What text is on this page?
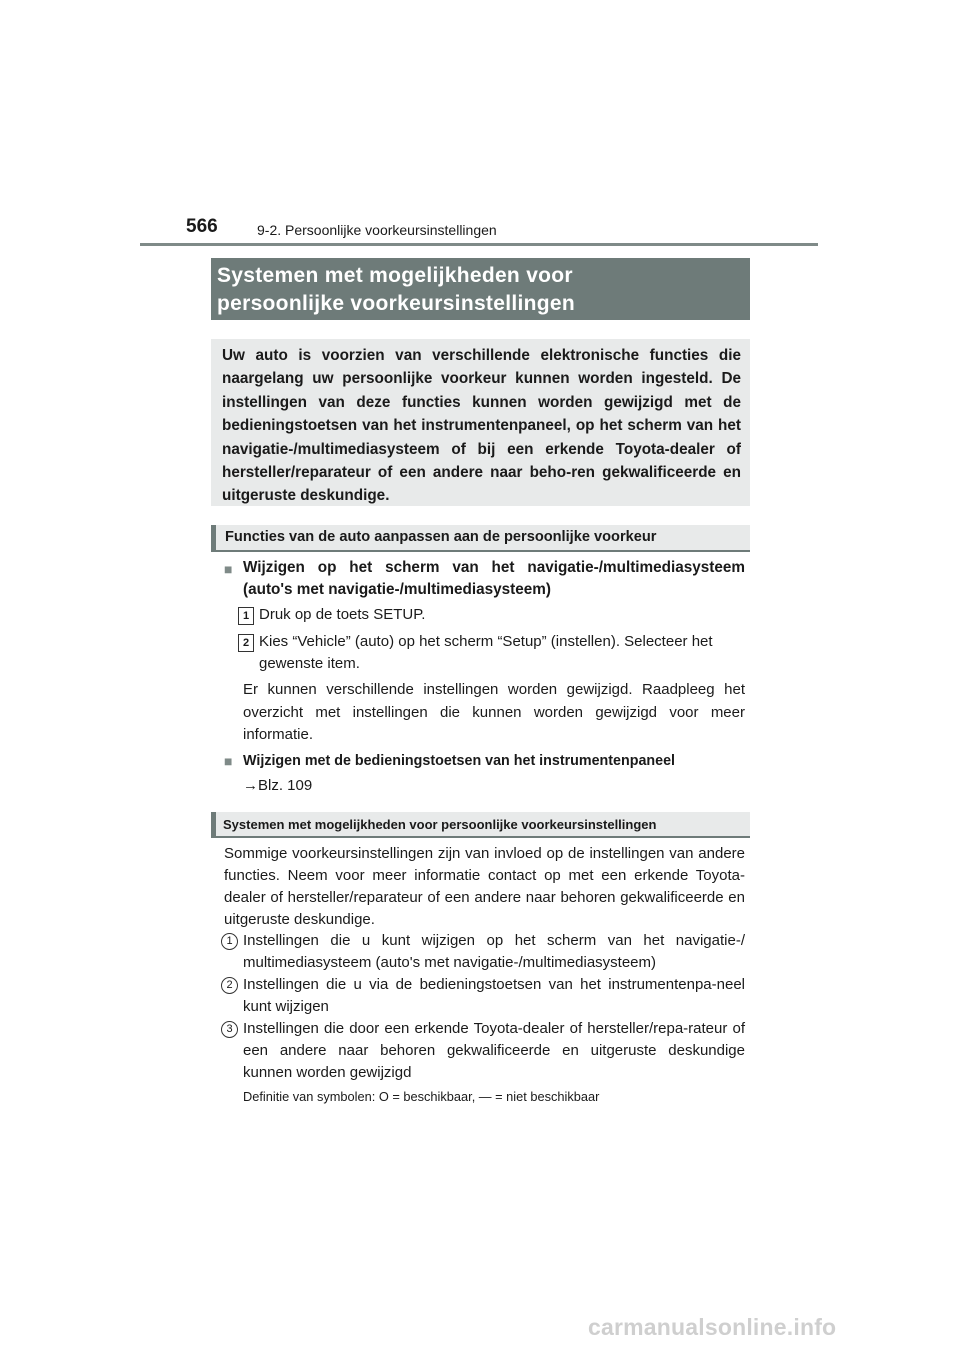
566	9-2. Persoonlijke voorkeursinstellingen
Systemen met mogelijkheden voor
persoonlijke voorkeursinstellingen
Uw auto is voorzien van verschillende elektronische functies die naargelang uw persoonlijke voorkeur kunnen worden ingesteld. De instellingen van deze functies kunnen worden gewijzigd met de bedieningstoetsen van het instrumentenpaneel, op het scherm van het navigatie-/multimediasysteem of bij een erkende Toyota-dealer of hersteller/reparateur of een andere naar beho-ren gekwalificeerde en uitgeruste deskundige.
Functies van de auto aanpassen aan de persoonlijke voorkeur
■ Wijzigen op het scherm van het navigatie-/multimediasysteem (auto's met navigatie-/multimediasysteem)
1 Druk op de toets SETUP.
2 Kies “Vehicle” (auto) op het scherm “Setup” (instellen). Selecteer het gewenste item.
Er kunnen verschillende instellingen worden gewijzigd. Raadpleeg het overzicht met instellingen die kunnen worden gewijzigd voor meer informatie.
■ Wijzigen met de bedieningstoetsen van het instrumentenpaneel
→Blz. 109
Systemen met mogelijkheden voor persoonlijke voorkeursinstellingen
Sommige voorkeursinstellingen zijn van invloed op de instellingen van andere functies. Neem voor meer informatie contact op met een erkende Toyota-dealer of hersteller/reparateur of een andere naar behoren gekwalificeerde en uitgeruste deskundige.
1 Instellingen die u kunt wijzigen op het scherm van het navigatie-/ multimediasysteem (auto's met navigatie-/multimediasysteem)
2 Instellingen die u via de bedieningstoetsen van het instrumentenpa-neel kunt wijzigen
3 Instellingen die door een erkende Toyota-dealer of hersteller/repa-rateur of een andere naar behoren gekwalificeerde en uitgeruste deskundige kunnen worden gewijzigd
Definitie van symbolen: O = beschikbaar, — = niet beschikbaar
carmanualsonline.info
